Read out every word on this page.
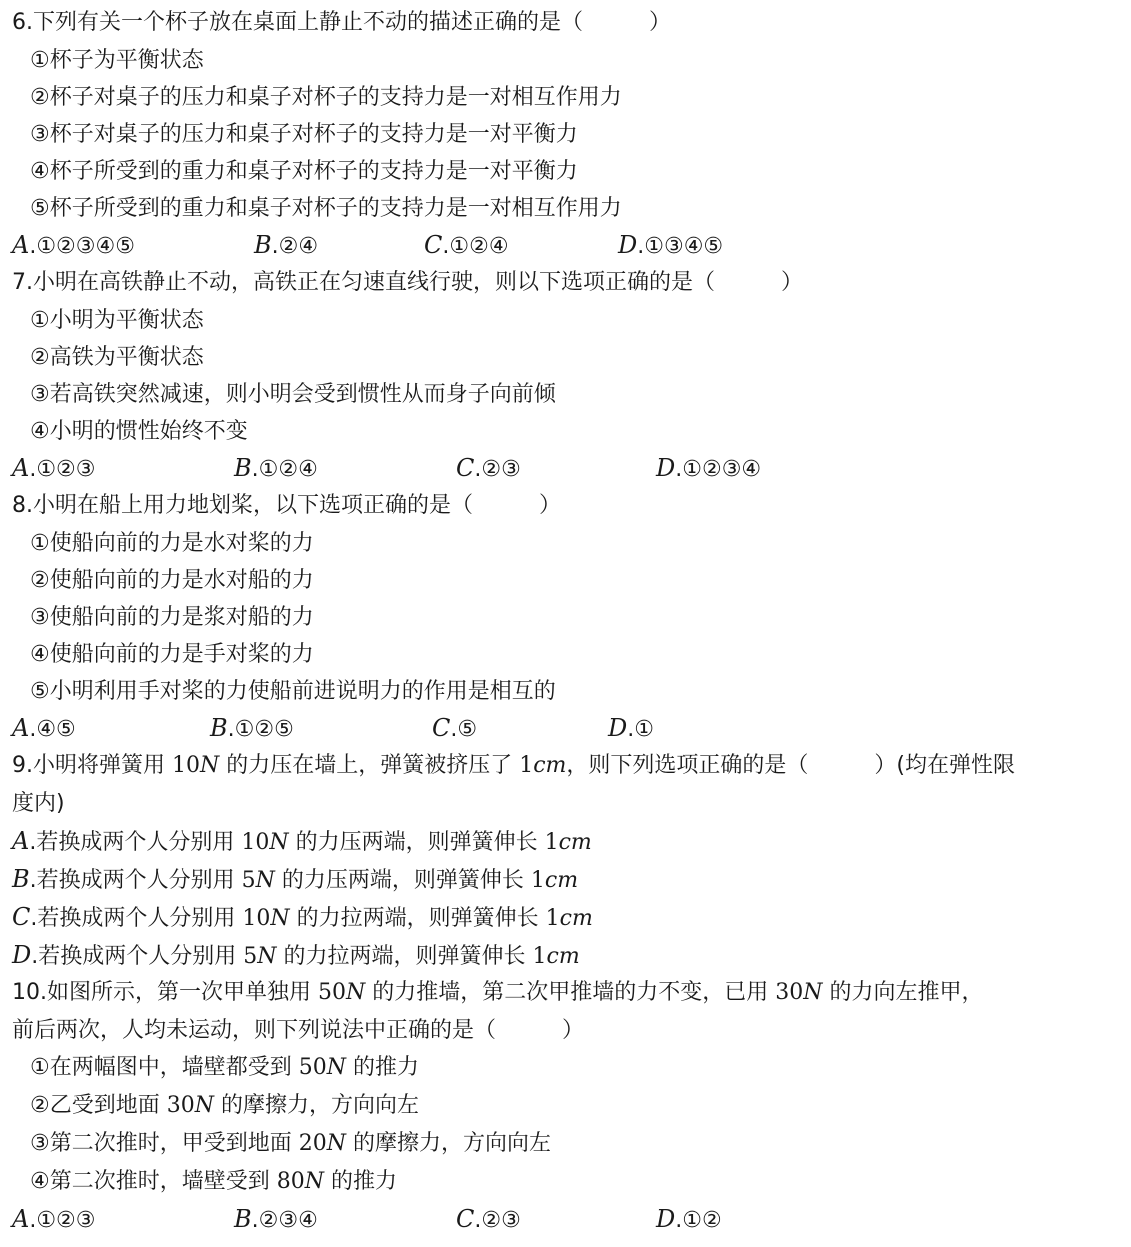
6.下列有关一个杯子放在桌面上静止不动的描述正确的是（　　　）
①杯子为平衡状态
②杯子对桌子的压力和桌子对杯子的支持力是一对相互作用力
③杯子对桌子的压力和桌子对杯子的支持力是一对平衡力
④杯子所受到的重力和桌子对杯子的支持力是一对平衡力
⑤杯子所受到的重力和桌子对杯子的支持力是一对相互作用力
A.①②③④⑤	B.②④	C.①②④	D.①③④⑤
7.小明在高铁静止不动，高铁正在匀速直线行驶，则以下选项正确的是（　　　）
①小明为平衡状态
②高铁为平衡状态
③若高铁突然减速，则小明会受到惯性从而身子向前倾
④小明的惯性始终不变
A.①②③	B.①②④	C.②③	D.①②③④
8.小明在船上用力地划桨，以下选项正确的是（　　　）
①使船向前的力是水对桨的力
②使船向前的力是水对船的力
③使船向前的力是浆对船的力
④使船向前的力是手对桨的力
⑤小明利用手对桨的力使船前进说明力的作用是相互的
A.④⑤	B.①②⑤	C.⑤	D.①
9.小明将弹簧用 10N 的力压在墙上，弹簧被挤压了 1cm，则下列选项正确的是（　　　）(均在弹性限
度内)
A.若换成两个人分别用 10N 的力压两端，则弹簧伸长 1cm
B.若换成两个人分别用 5N 的力压两端，则弹簧伸长 1cm
C.若换成两个人分别用 10N 的力拉两端，则弹簧伸长 1cm
D.若换成两个人分别用 5N 的力拉两端，则弹簧伸长 1cm
10.如图所示，第一次甲单独用 50N 的力推墙，第二次甲推墙的力不变，已用 30N 的力向左推甲，
前后两次，人均未运动，则下列说法中正确的是（　　　）
①在两幅图中，墙壁都受到 50N 的推力
②乙受到地面 30N 的摩擦力，方向向左
③第二次推时，甲受到地面 20N 的摩擦力，方向向左
④第二次推时，墙壁受到 80N 的推力
A.①②③	B.②③④	C.②③	D.①②
